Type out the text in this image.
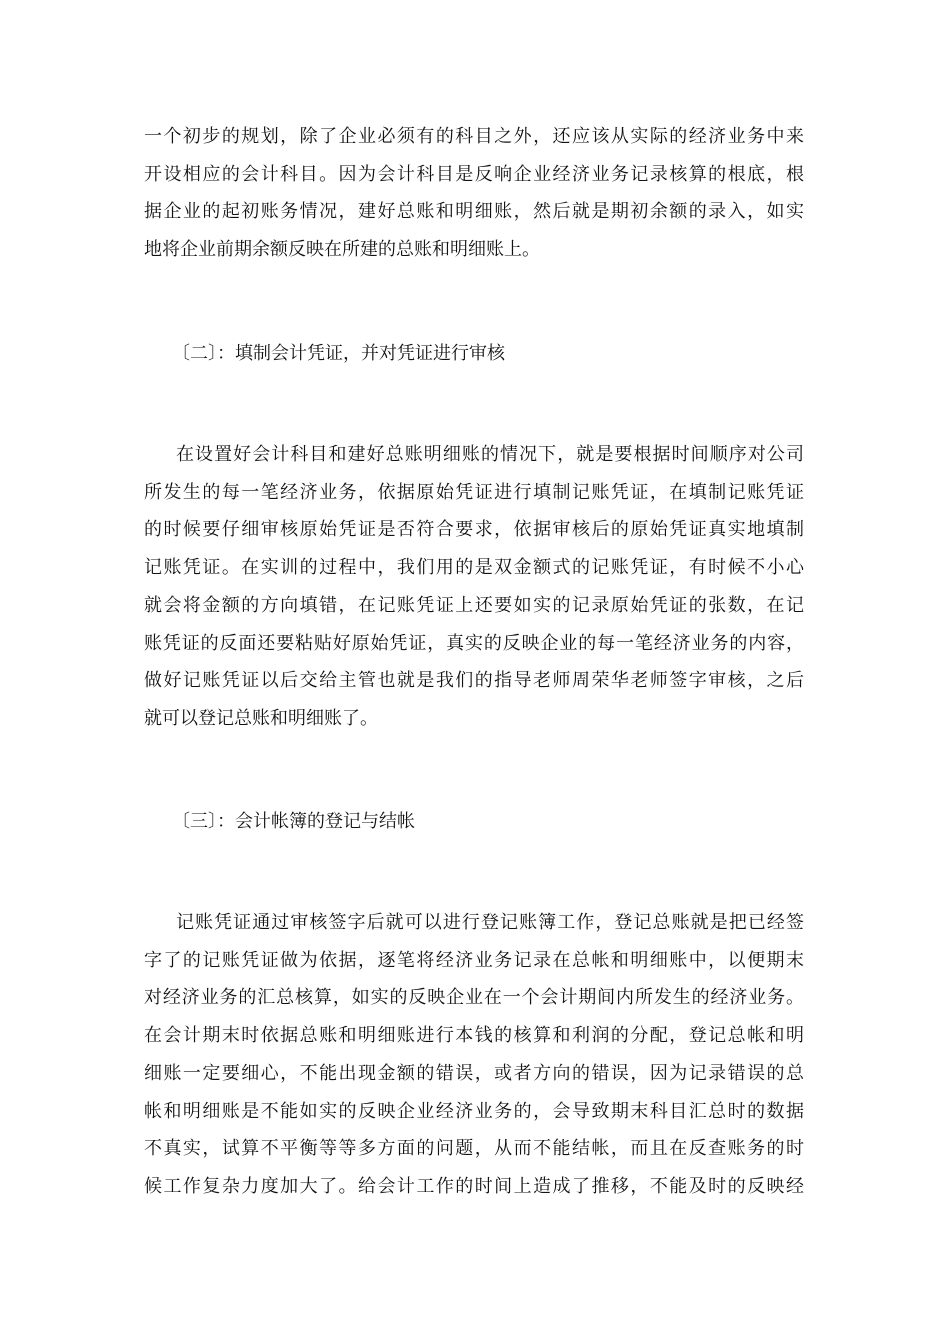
一个初步的规划，除了企业必须有的科目之外，还应该从实际的经济业务中来
开设相应的会计科目。因为会计科目是反响企业经济业务记录核算的根底，根
据企业的起初账务情况，建好总账和明细账，然后就是期初余额的录入，如实
地将企业前期余额反映在所建的总账和明细账上。
〔二〕：填制会计凭证，并对凭证进行审核
在设置好会计科目和建好总账明细账的情况下，就是要根据时间顺序对公司
所发生的每一笔经济业务，依据原始凭证进行填制记账凭证，在填制记账凭证
的时候要仔细审核原始凭证是否符合要求，依据审核后的原始凭证真实地填制
记账凭证。在实训的过程中，我们用的是双金额式的记账凭证，有时候不小心
就会将金额的方向填错，在记账凭证上还要如实的记录原始凭证的张数，在记
账凭证的反面还要粘贴好原始凭证，真实的反映企业的每一笔经济业务的内容，
做好记账凭证以后交给主管也就是我们的指导老师周荣华老师签字审核，之后
就可以登记总账和明细账了。
〔三〕：会计帐簿的登记与结帐
记账凭证通过审核签字后就可以进行登记账簿工作，登记总账就是把已经签
字了的记账凭证做为依据，逐笔将经济业务记录在总帐和明细账中，以便期末
对经济业务的汇总核算，如实的反映企业在一个会计期间内所发生的经济业务。
在会计期末时依据总账和明细账进行本钱的核算和利润的分配，登记总帐和明
细账一定要细心，不能出现金额的错误，或者方向的错误，因为记录错误的总
帐和明细账是不能如实的反映企业经济业务的，会导致期末科目汇总时的数据
不真实，试算不平衡等等多方面的问题，从而不能结帐，而且在反查账务的时
候工作复杂力度加大了。给会计工作的时间上造成了推移，不能及时的反映经
